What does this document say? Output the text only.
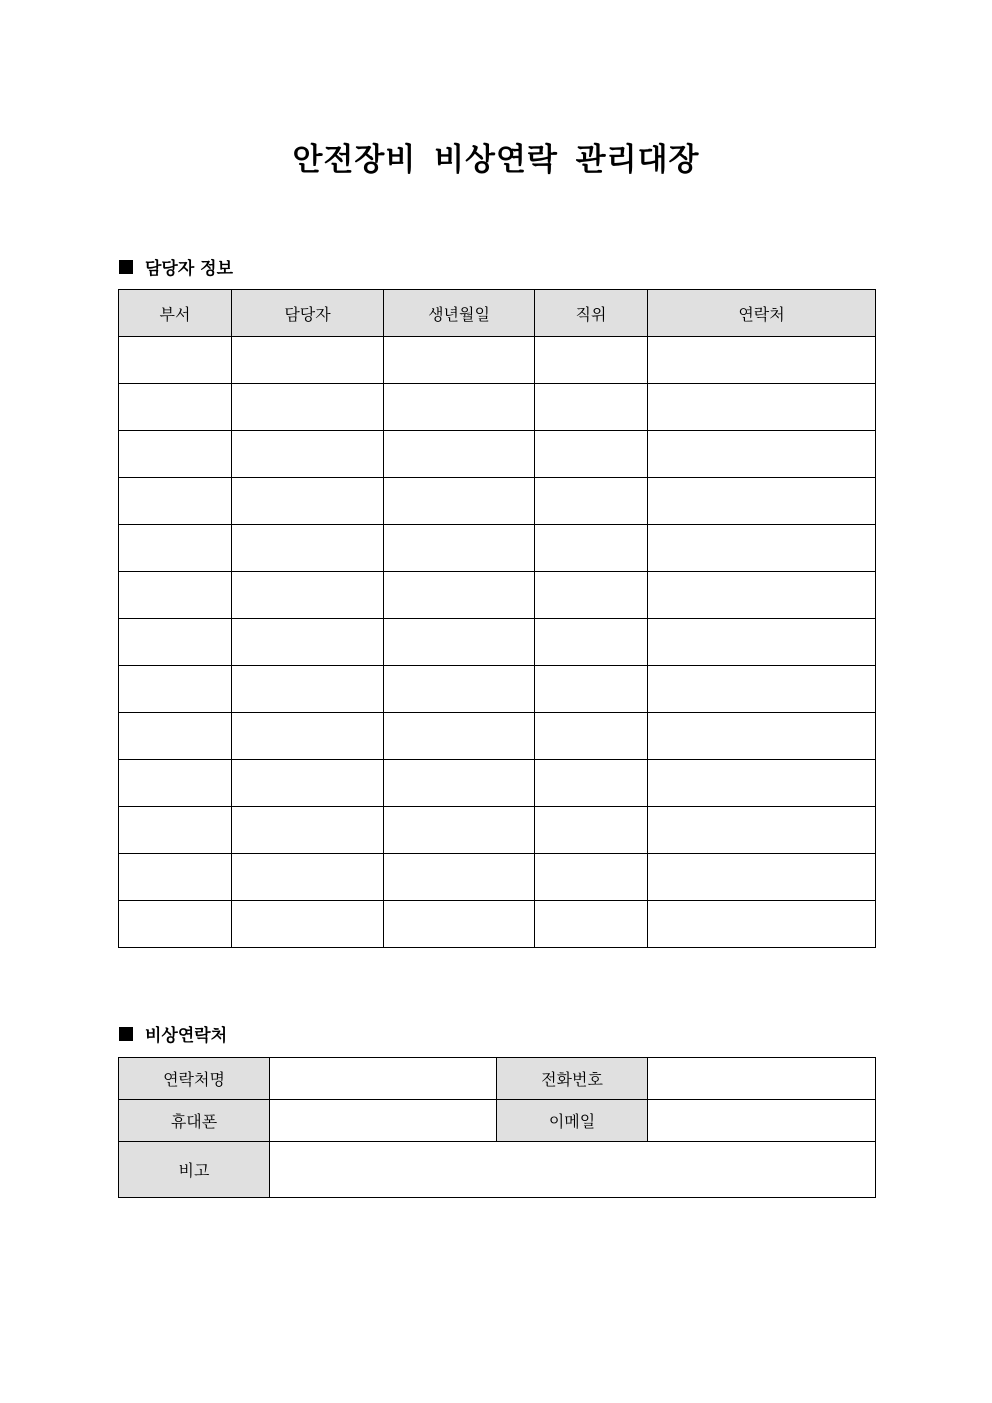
안전장비 비상연락 관리대장
담당자 정보
부서	담당자	생년월일	직위	연락처

비상연락처
연락처명		전화번호	
휴대폰		이메일	
비고			
